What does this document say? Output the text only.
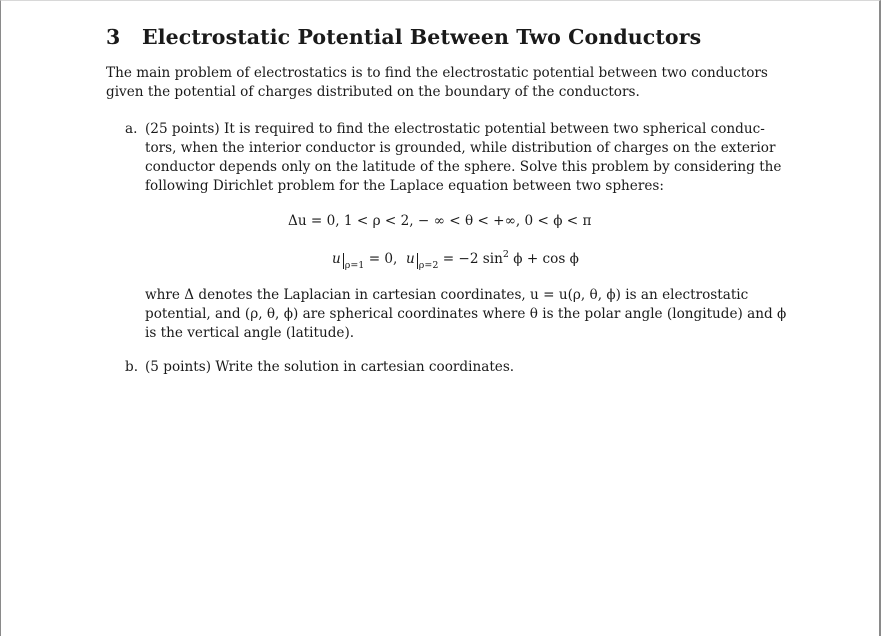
3 Electrostatic Potential Between Two Conductors
The main problem of electrostatics is to find the electrostatic potential between two conductors
given the potential of charges distributed on the boundary of the conductors.
a. (25 points) It is required to find the electrostatic potential between two spherical conduc-
tors, when the interior conductor is grounded, while distribution of charges on the exterior
conductor depends only on the latitude of the sphere. Solve this problem by considering the
following Dirichlet problem for the Laplace equation between two spheres:
Δu = 0, 1 < ρ < 2, − ∞ < θ < +∞, 0 < ϕ < π
u $_{\rho=1}$ = 0, u $_{\rho=2}$ = −2 $\sin^2 \phi + \cos \phi$
whre Δ denotes the Laplacian in cartesian coordinates, u = u(ρ, θ, ϕ) is an electrostatic
potential, and (ρ, θ, ϕ) are spherical coordinates where θ is the polar angle (longitude) and ϕ
is the vertical angle (latitude).
b. (5 points) Write the solution in cartesian coordinates.
